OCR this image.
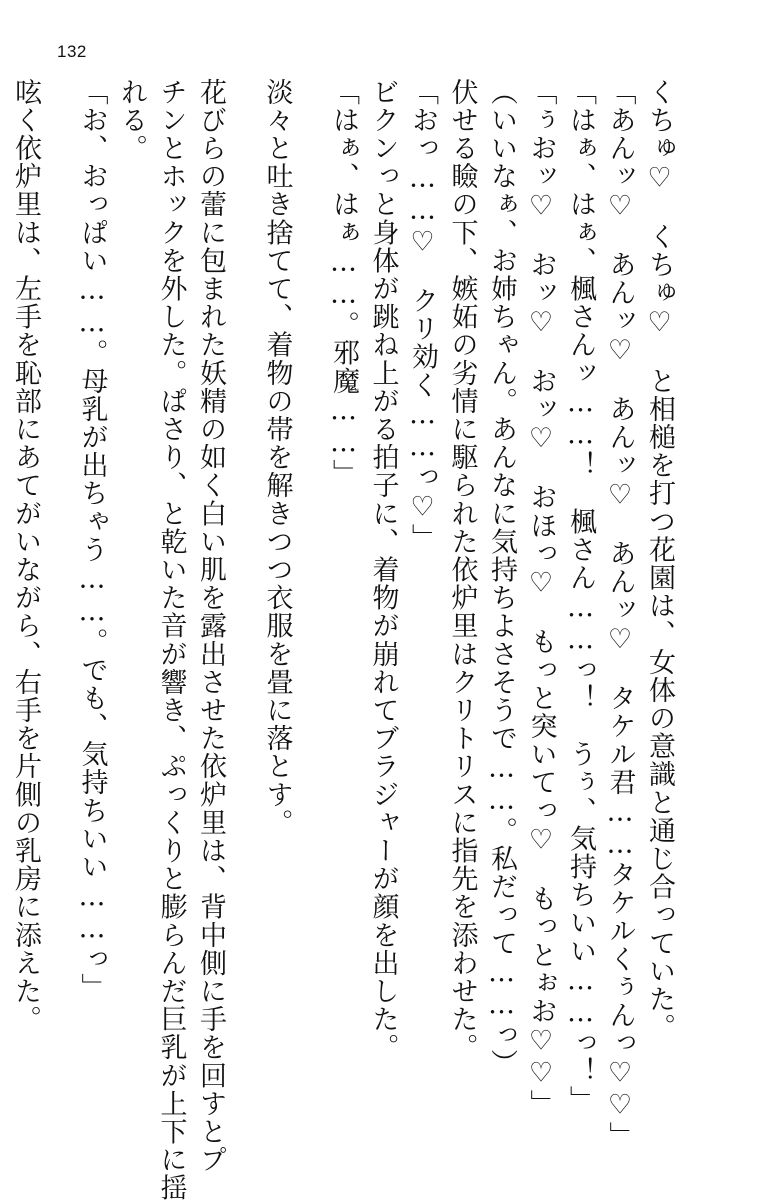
132
くちゅ♡　くちゅ♡　と相槌を打つ花園は、女体の意識と通じ合っていた。
「あんッ♡　あんッ♡　あんッ♡　あんッ♡　タケル君……タケルくぅんっ♡♡」
「はぁ、はぁ、楓さんッ……！　楓さん……っ！　うぅ、気持ちいい……っ！」
「ぅおッ♡　おッ♡　おッ♡　おほっ♡　もっと突いてっ♡　もっとぉお♡♡」
（いいなぁ、お姉ちゃん。あんなに気持ちよさそうで……。私だって……っ）
伏せる瞼の下、嫉妬の劣情に駆られた依炉里はクリトリスに指先を添わせた。
「おっ……♡　クリ効く……っ♡」
ビクンっと身体が跳ね上がる拍子に、着物が崩れてブラジャーが顔を出した。
「はぁ、はぁ……。邪魔……」
淡々と吐き捨てて、着物の帯を解きつつ衣服を畳に落とす。
花びらの蕾に包まれた妖精の如く白い肌を露出させた依炉里は、背中側に手を回すとプ
チンとホックを外した。ぱさり、と乾いた音が響き、ぷっくりと膨らんだ巨乳が上下に揺
れる。
「お、おっぱい……。母乳が出ちゃう……。でも、気持ちいい……っ」
呟く依炉里は、左手を恥部にあてがいながら、右手を片側の乳房に添えた。
